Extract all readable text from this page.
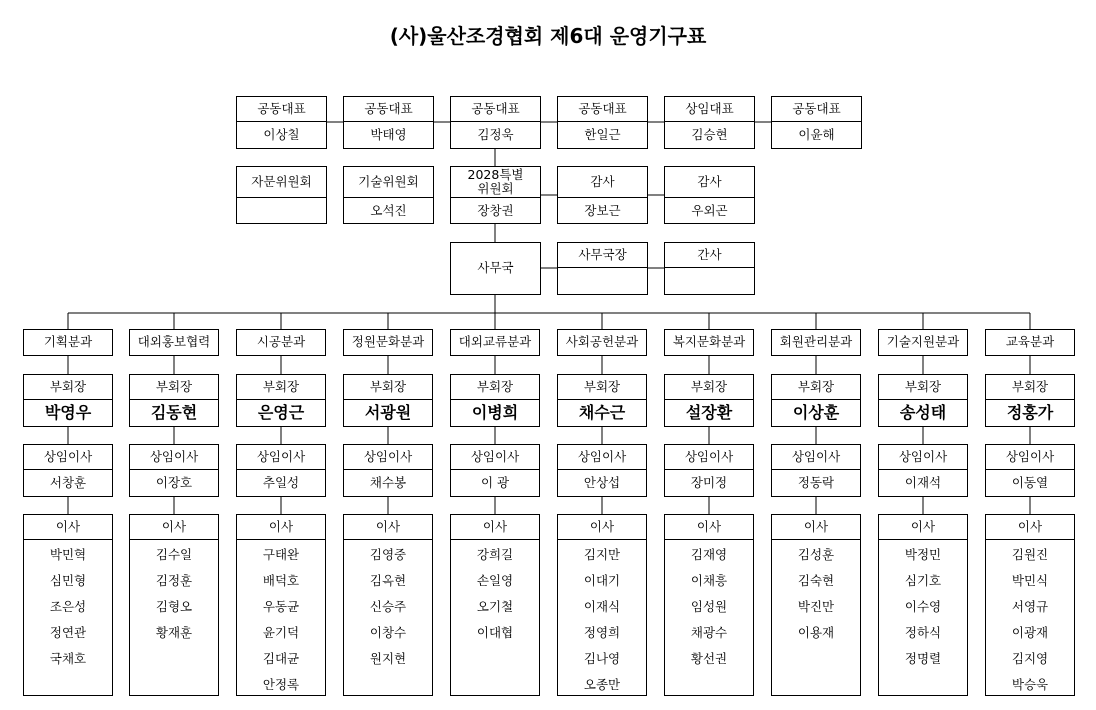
(사)울산조경협회 제6대 운영기구표
공동대표
이상칠
공동대표
박태영
공동대표
김정욱
공동대표
한일근
상임대표
김승현
공동대표
이윤해
자문위원회	기술위원회
오석진
2028특별
위원회
장창권
감사
장보근
감사
우외곤
사무국
사무국장	간사
기획분과
부회장
박영우
상임이사
서창훈
이사
박민혁
심민형
조은성
정연관
국채호
대외홍보협력
부회장
김동현
상임이사
이장호
이사
김수일
김정훈
김형오
황재훈
시공분과
부회장
은영근
상임이사
추일성
이사
구태완
배덕호
우동균
윤기덕
김대균
안정록
정원문화분과
부회장
서광원
상임이사
채수봉
이사
김영중
김옥현
신승주
이창수
원지현
대외교류분과
부회장
이병희
상임이사
이 광
이사
강희길
손일영
오기철
이대협
사회공헌분과
부회장
채수근
상임이사
안상섭
이사
김지만
이대기
이재식
정영희
김나영
오종만
복지문화분과
부회장
설장환
상임이사
장미정
이사
김재영
이채흥
임성원
채광수
황선권
회원관리분과
부회장
이상훈
상임이사
정동락
이사
김성훈
김숙현
박진만
이용재
기술지원분과
부회장
송성태
상임이사
이재석
이사
박정민
심기호
이수영
정하식
정명렬
교육분과
부회장
정홍가
상임이사
이동열
이사
김원진
박민식
서영규
이광재
김지영
박승욱
